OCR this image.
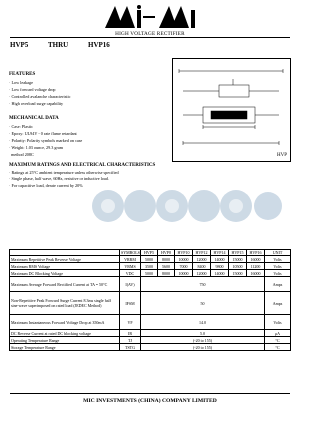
HIGH VOLTAGE RECTIFIER
HVP5	THRU	HVP16
FEATURES
· Low leakage
· Low forward voltage drop
· Controlled avalanche characteristic
· High overload surge capability
MECHANICAL DATA
· Case: Plastic
· Epoxy: UL94V - 0 rate flame retardant
· Polarity: Polarity symbols marked on case
· Weight: 1.03 ounce, 29.3 gram
method 208C	HVP
MAXIMUM RATINGS AND ELECTRICAL CHARACTERISTICS
· Ratings at 25°C ambient temperature unless otherwise specified
· Single phase, half wave, 60Hz, resistive or inductive load.
· For capacitive load, derate current by 20%
	SYMBOLS	HVP5	HVP8	HVP10	HVP12	HVP14	HVP15	HVP16	UNIT
Maximum Repetitive Peak Reverse Voltage	VRRM	5000	8000	10000	12000	14000	15000	16000	Volts
Maximum RMS Voltage	VRMS	3500	5600	7000	8400	9800	10500	11200	Volts
Maximum DC Blocking Voltage	VDC	5000	8000	10000	12000	14000	15000	16000	Volts
Maximum Average Forward Rectified Current at TA = 50°C	I(AV)	750							Amps
Non-Repetitive Peak Forward Surge Current 8.3ms single half sine-wave superimposed on rated load (JEDEC Method)	IFSM	50							Amps
Maximum Instantaneous Forward Voltage Drop at 350mA	VF	14.0							Volts
DC Reverse Current at rated DC blocking voltage	IR	5.0							μA
Operating Temperature Range	TJ	(-20 to 155)							°C
Storage Temperature Range	TSTG	(-20 to 155)							°C
MIC INVESTMENTS (CHINA) COMPANY LIMITED
